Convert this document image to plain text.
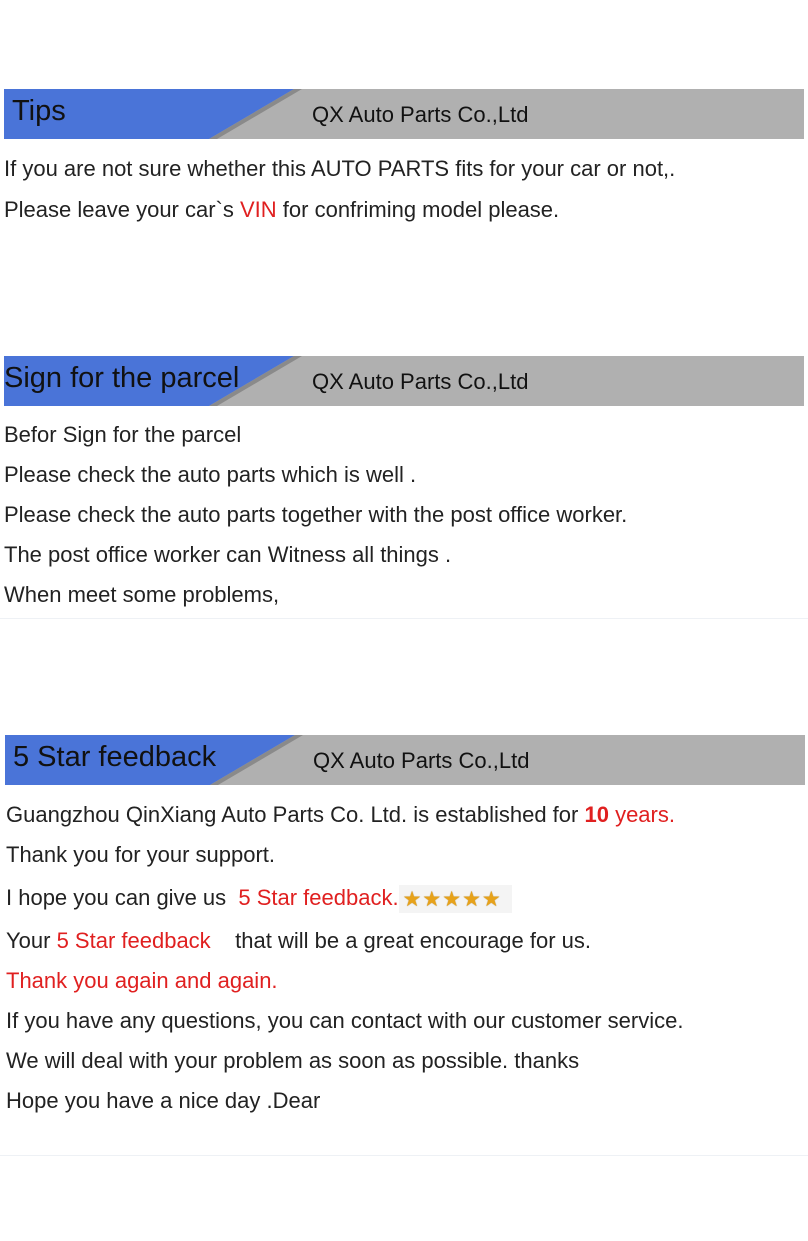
Tips	QX Auto Parts Co.,Ltd
If you are not sure whether this AUTO PARTS fits for your car or not,.
Please leave your car`s VIN for confriming model please.
Sign for the parcel	QX Auto Parts Co.,Ltd
Befor Sign for the parcel
Please check the auto parts which is well .
Please check the auto parts together with the post office worker.
The post office worker can Witness all things .
When meet some problems,
5 Star feedback	QX Auto Parts Co.,Ltd
Guangzhou QinXiang Auto Parts Co. Ltd. is established for 10 years.
Thank you for your support.
I hope you can give us  5 Star feedback. ★★★★★
Your 5 Star feedback    that will be a great encourage for us.
Thank you again and again.
If you have any questions, you can contact with our customer service.
We will deal with your problem as soon as possible. thanks
Hope you have a nice day .Dear
